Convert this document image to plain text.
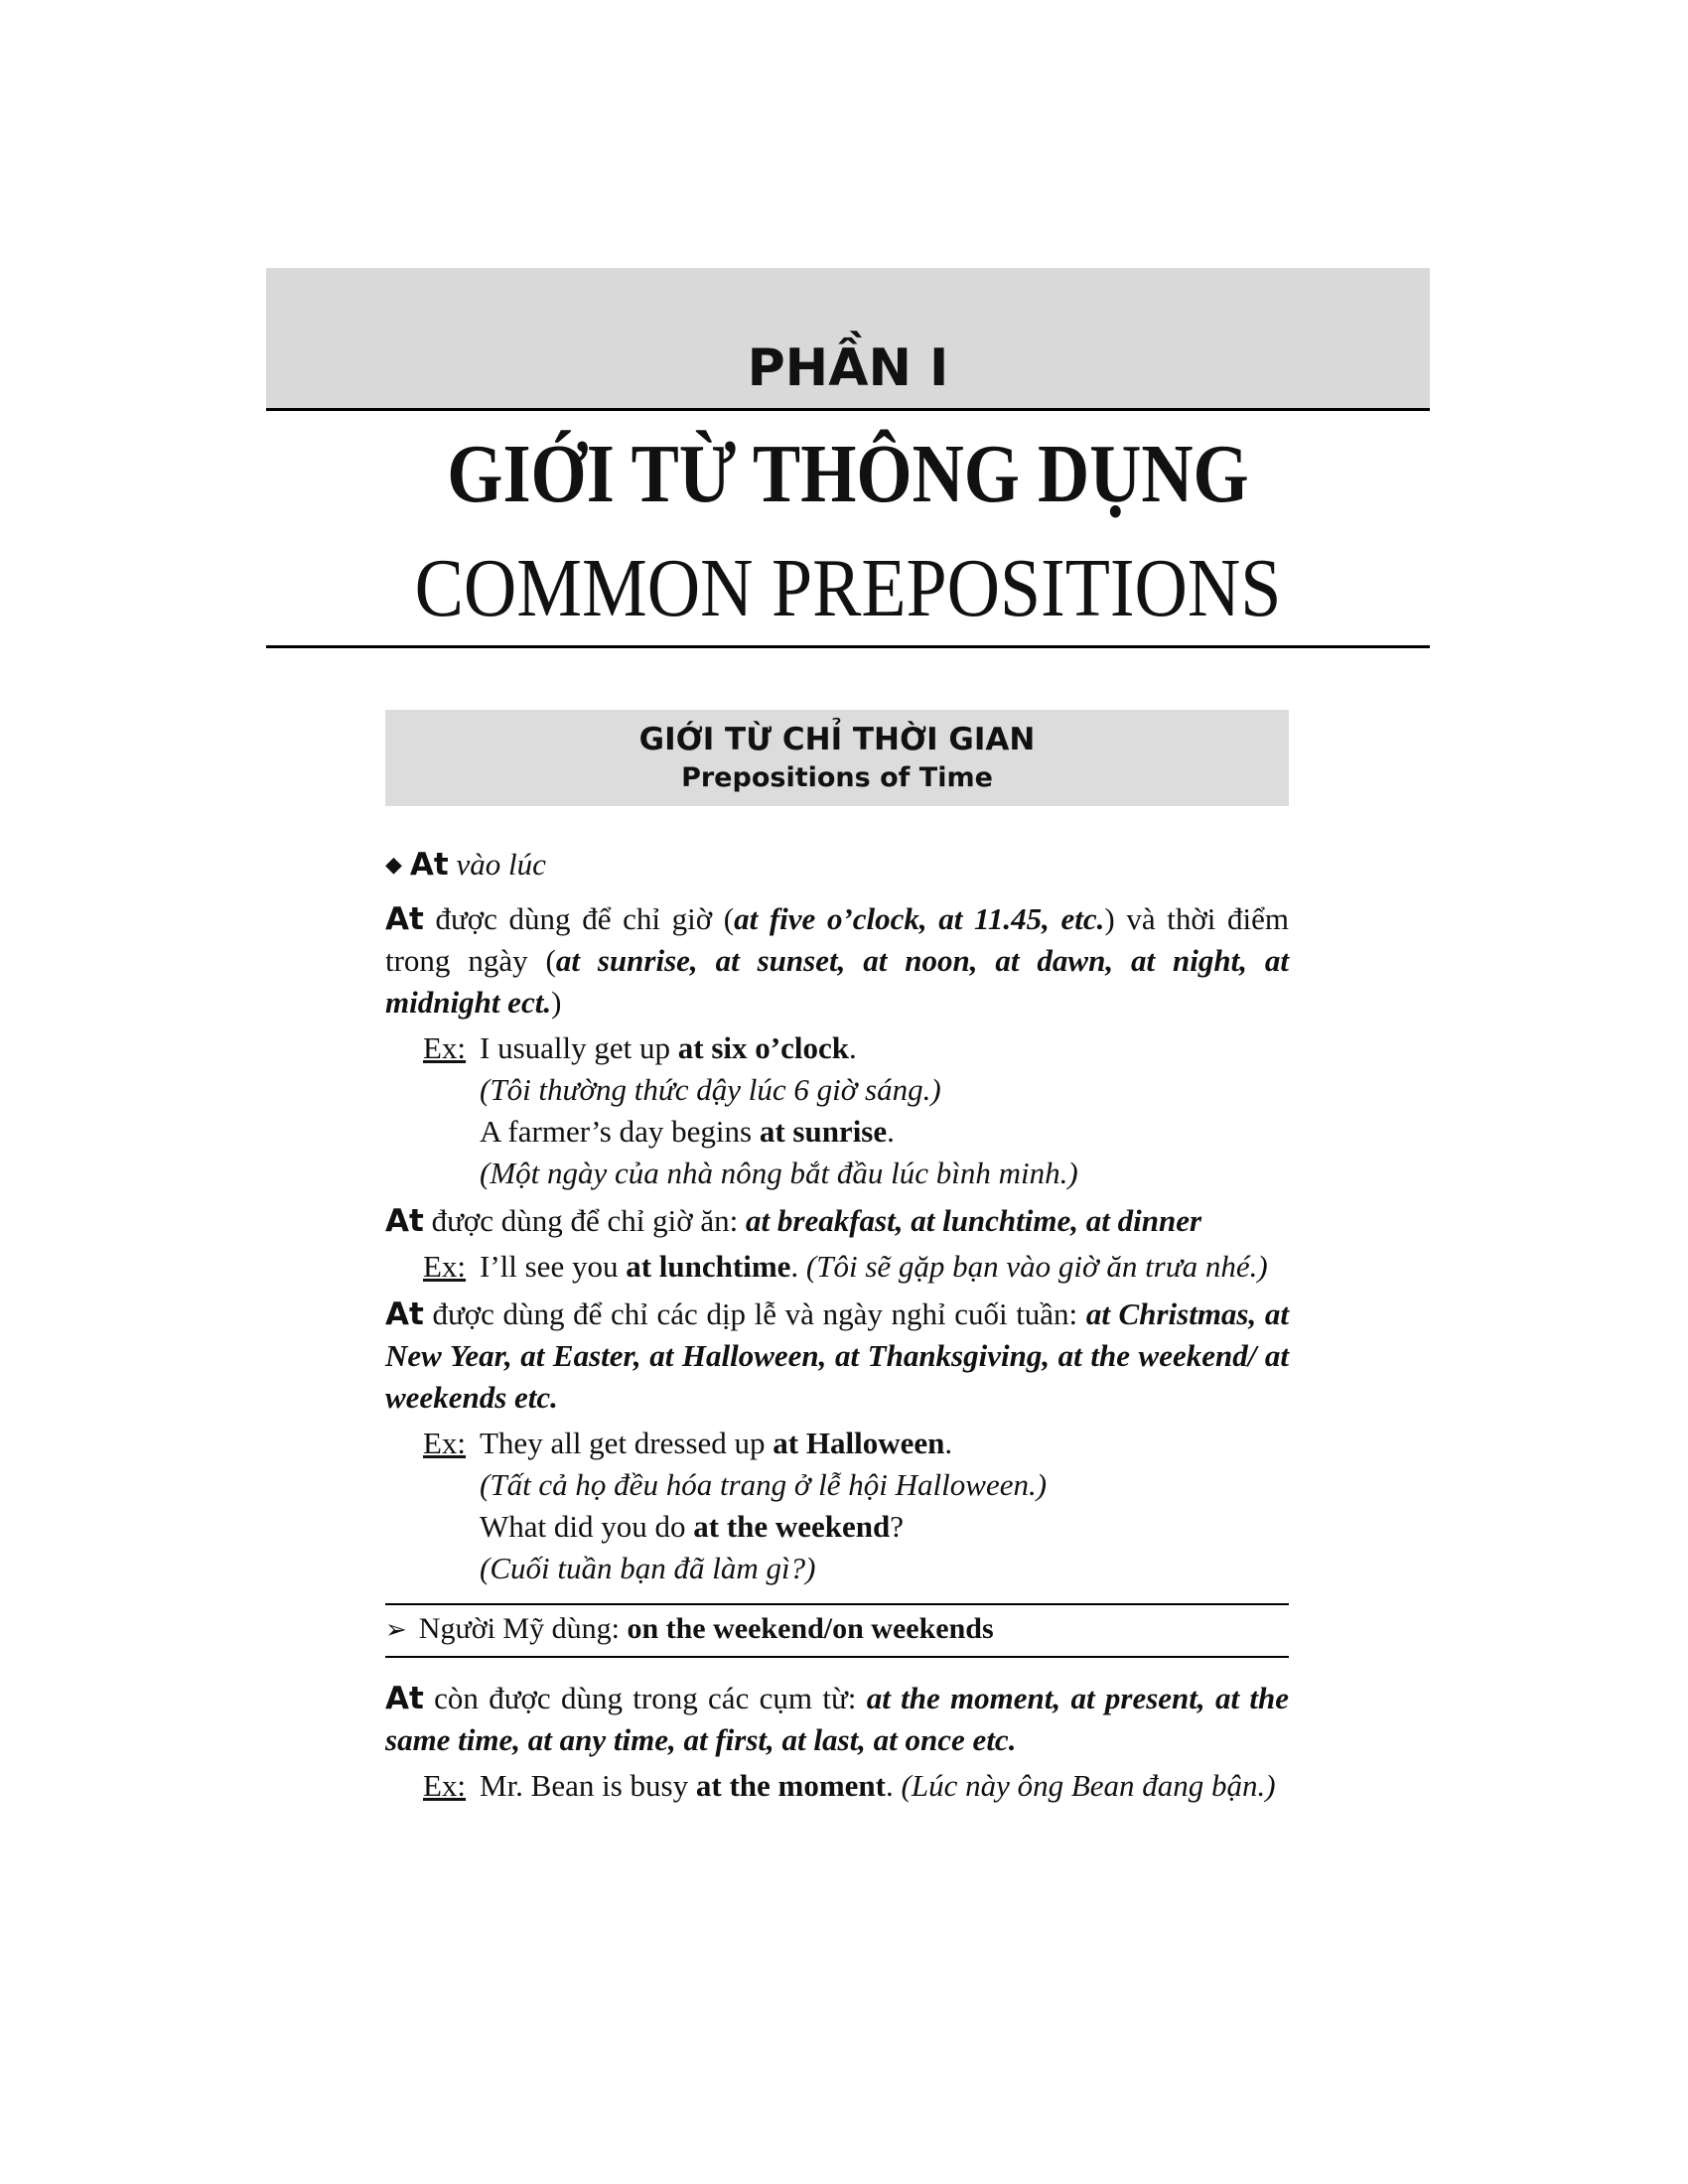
PHẦN I
GIỚI TỪ THÔNG DỤNG
COMMON PREPOSITIONS
GIỚI TỪ CHỈ THỜI GIAN
Prepositions of Time

◆ At vào lúc

At được dùng để chỉ giờ (at five o’clock, at 11.45, etc.) và thời điểm trong ngày (at sunrise, at sunset, at noon, at dawn, at night, at midnight ect.)

Ex: I usually get up at six o’clock.
(Tôi thường thức dậy lúc 6 giờ sáng.)
A farmer’s day begins at sunrise.
(Một ngày của nhà nông bắt đầu lúc bình minh.)

At được dùng để chỉ giờ ăn: at breakfast, at lunchtime, at dinner

Ex: I’ll see you at lunchtime. (Tôi sẽ gặp bạn vào giờ ăn trưa nhé.)

At được dùng để chỉ các dịp lễ và ngày nghỉ cuối tuần: at Christmas, at New Year, at Easter, at Halloween, at Thanksgiving, at the weekend/ at weekends etc.

Ex: They all get dressed up at Halloween.
(Tất cả họ đều hóa trang ở lễ hội Halloween.)
What did you do at the weekend?
(Cuối tuần bạn đã làm gì?)
➢ Người Mỹ dùng: on the weekend/on weekends

At còn được dùng trong các cụm từ: at the moment, at present, at the same time, at any time, at first, at last, at once etc.

Ex: Mr. Bean is busy at the moment. (Lúc này ông Bean đang bận.)
